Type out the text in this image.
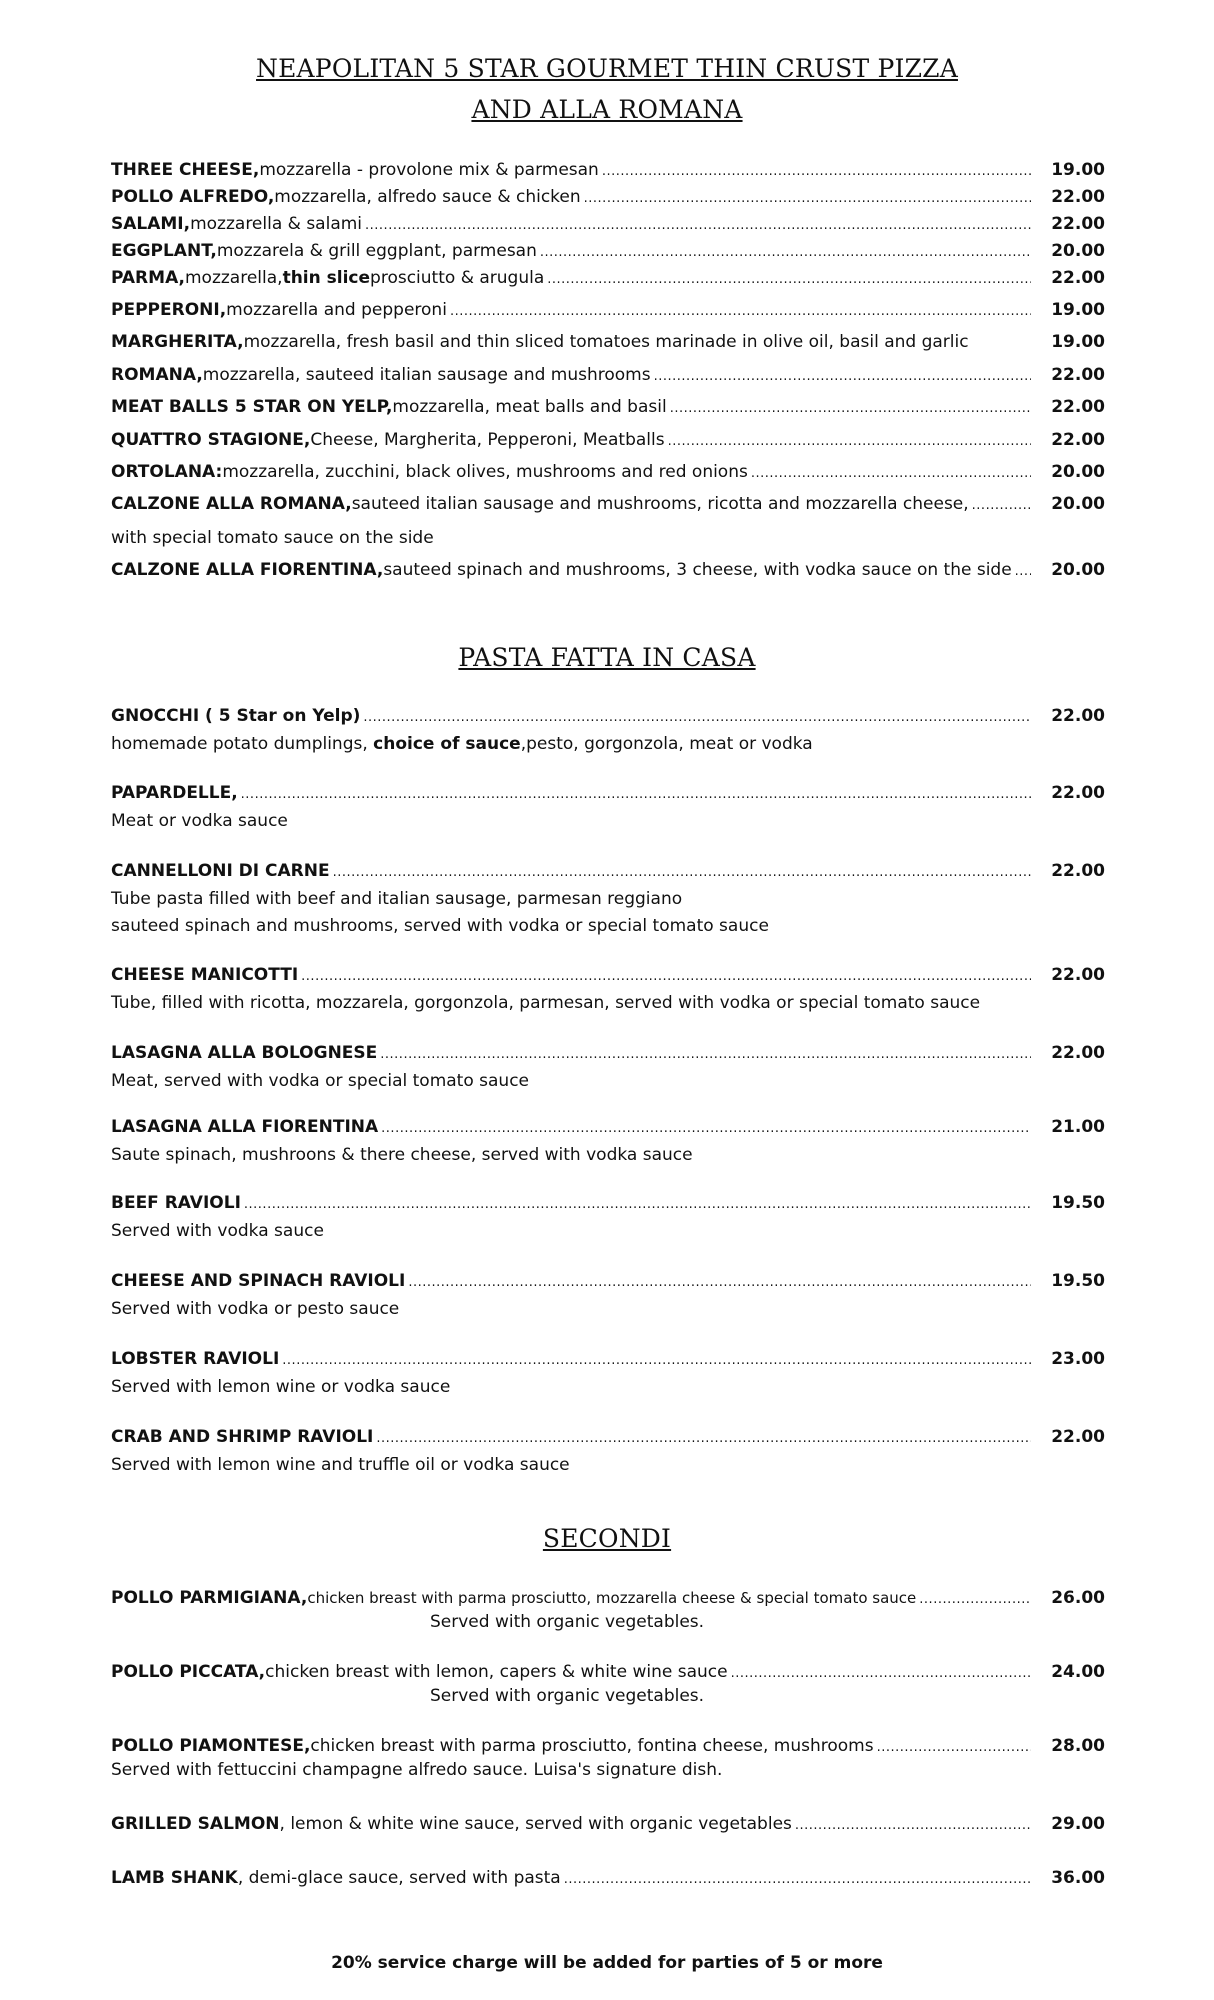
NEAPOLITAN 5 STAR GOURMET THIN CRUST PIZZA
AND ALLA ROMANA
THREE CHEESE, mozzarella - provolone mix & parmesan .....	19.00
POLLO ALFREDO, mozzarella, alfredo sauce & chicken .....	22.00
SALAMI, mozzarella & salami .....	22.00
EGGPLANT, mozzarela & grill eggplant, parmesan .....	20.00
PARMA, mozzarella, thin slice prosciutto & arugula .....	22.00
PEPPERONI, mozzarella and pepperoni .....	19.00
MARGHERITA, mozzarella, fresh basil and thin sliced tomatoes marinade in olive oil, basil and garlic	19.00
ROMANA, mozzarella, sauteed italian sausage and mushrooms .....	22.00
MEAT BALLS 5 STAR ON YELP, mozzarella, meat balls and basil .....	22.00
QUATTRO STAGIONE, Cheese, Margherita, Pepperoni, Meatballs .....	22.00
ORTOLANA: mozzarella, zucchini, black olives, mushrooms and red onions .....	20.00
CALZONE ALLA ROMANA, sauteed italian sausage and mushrooms, ricotta and mozzarella cheese, .....	20.00
with special tomato sauce on the side
CALZONE ALLA FIORENTINA, sauteed spinach and mushrooms, 3 cheese, with vodka sauce on the side .....	20.00
PASTA FATTA IN CASA
GNOCCHI ( 5 Star on Yelp) .....	22.00
homemade potato dumplings, choice of sauce,pesto, gorgonzola, meat or vodka
PAPARDELLE, .....	22.00
Meat or vodka sauce
CANNELLONI DI CARNE .....	22.00
Tube pasta filled with beef and italian sausage, parmesan reggiano
sauteed spinach and mushrooms, served with vodka or special tomato sauce
CHEESE MANICOTTI .....	22.00
Tube, filled with ricotta, mozzarela, gorgonzola, parmesan, served with vodka or special tomato sauce
LASAGNA ALLA BOLOGNESE .....	22.00
Meat, served with vodka or special tomato sauce
LASAGNA ALLA FIORENTINA .....	21.00
Saute spinach, mushroons & there cheese, served with vodka sauce
BEEF RAVIOLI .....	19.50
Served with vodka sauce
CHEESE AND SPINACH RAVIOLI .....	19.50
Served with vodka or pesto sauce
LOBSTER RAVIOLI .....	23.00
Served with lemon wine or vodka sauce
CRAB AND SHRIMP RAVIOLI .....	22.00
Served with lemon wine and truffle oil or vodka sauce
SECONDI
POLLO PARMIGIANA, chicken breast with parma prosciutto, mozzarella cheese & special tomato sauce .....	26.00
Served with organic vegetables.
POLLO PICCATA, chicken breast with lemon, capers & white wine sauce .....	24.00
Served with organic vegetables.
POLLO PIAMONTESE, chicken breast with parma prosciutto, fontina cheese, mushrooms .....	28.00
Served with fettuccini champagne alfredo sauce. Luisa's signature dish.
GRILLED SALMON , lemon & white wine sauce, served with organic vegetables .....	29.00
LAMB SHANK , demi-glace sauce, served with pasta .....	36.00
20% service charge will be added for parties of 5 or more
